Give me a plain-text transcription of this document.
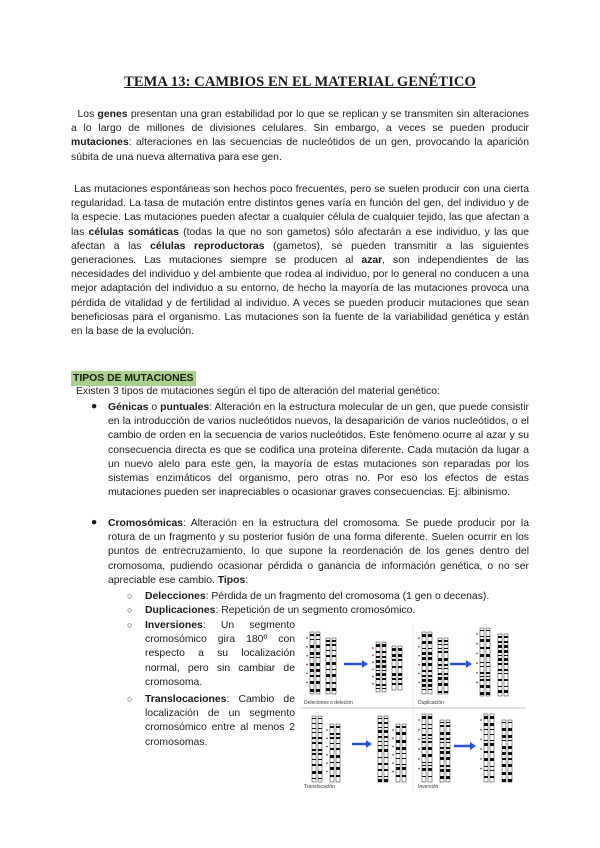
TEMA 13: CAMBIOS EN EL MATERIAL GENÉTICO

Los genes presentan una gran estabilidad por lo que se replican y se transmiten sin alteraciones a lo largo de millones de divisiones celulares. Sin embargo, a veces se pueden producir mutaciones: alteraciones en las secuencias de nucleótidos de un gen, provocando la aparición súbita de una nueva alternativa para ese gen.

Las mutaciones espontáneas son hechos poco frecuentes, pero se suelen producir con una cierta regularidad. La tasa de mutación entre distintos genes varía en función del gen, del individuo y de la especie. Las mutaciones pueden afectar a cualquier célula de cualquier tejido, las que afectan a las células somáticas (todas la que no son gametos) sólo afectarán a ese individuo, y las que afectan a las células reproductoras (gametos), se pueden transmitir a las siguientes generaciones. Las mutaciones siempre se producen al azar, son independientes de las necesidades del individuo y del ambiente que rodea al individuo, por lo general no conducen a una mejor adaptación del individuo a su entorno, de hecho la mayoría de las mutaciones provoca una pérdida de vitalidad y de fertilidad al individuo. A veces se pueden producir mutaciones que sean beneficiosas para el organismo. Las mutaciones son la fuente de la variabilidad genética y están en la base de la evolución.

TIPOS DE MUTACIONES

Existen 3 tipos de mutaciones según el tipo de alteración del material genético:

● Génicas o puntuales: Alteración en la estructura molecular de un gen, que puede consistir en la introducción de varios nucleótidos nuevos, la desaparición de varios nucleótidos, o el cambio de orden en la secuencia de varios nucleótidos. Este fenómeno ocurre al azar y su consecuencia directa es que se codifica una proteína diferente. Cada mutación da lugar a un nuevo alelo para este gen, la mayoría de estas mutaciones son reparadas por los sistemas enzimáticos del organismo, pero otras no. Por eso los efectos de estas mutaciones pueden ser inapreciables o ocasionar graves consecuencias. Ej: albinismo.

● Cromosómicas: Alteración en la estructura del cromosoma. Se puede producir por la rotura de un fragmento y su posterior fusión de una forma diferente. Suelen ocurrir en los puntos de entrecruzamiento, lo que supone la reordenación de los genes dentro del cromosoma, pudiendo ocasionar pérdida o ganancia de información genética, o no ser apreciable ese cambio. Tipos:

○ Delecciones: Pérdida de un fragmento del cromosoma (1 gen o decenas).

○ Duplicaciones: Repetición de un segmento cromosómico.

○ Inversiones: Un segmento cromosómico gira 180º con respecto a su localización normal, pero sin cambiar de cromosoma.

○ Translocaciones: Cambio de localización de un segmento cromosómico entre al menos 2 cromosomas.

Deleciones o deleción	Duplicación
Translocación	Inversión
